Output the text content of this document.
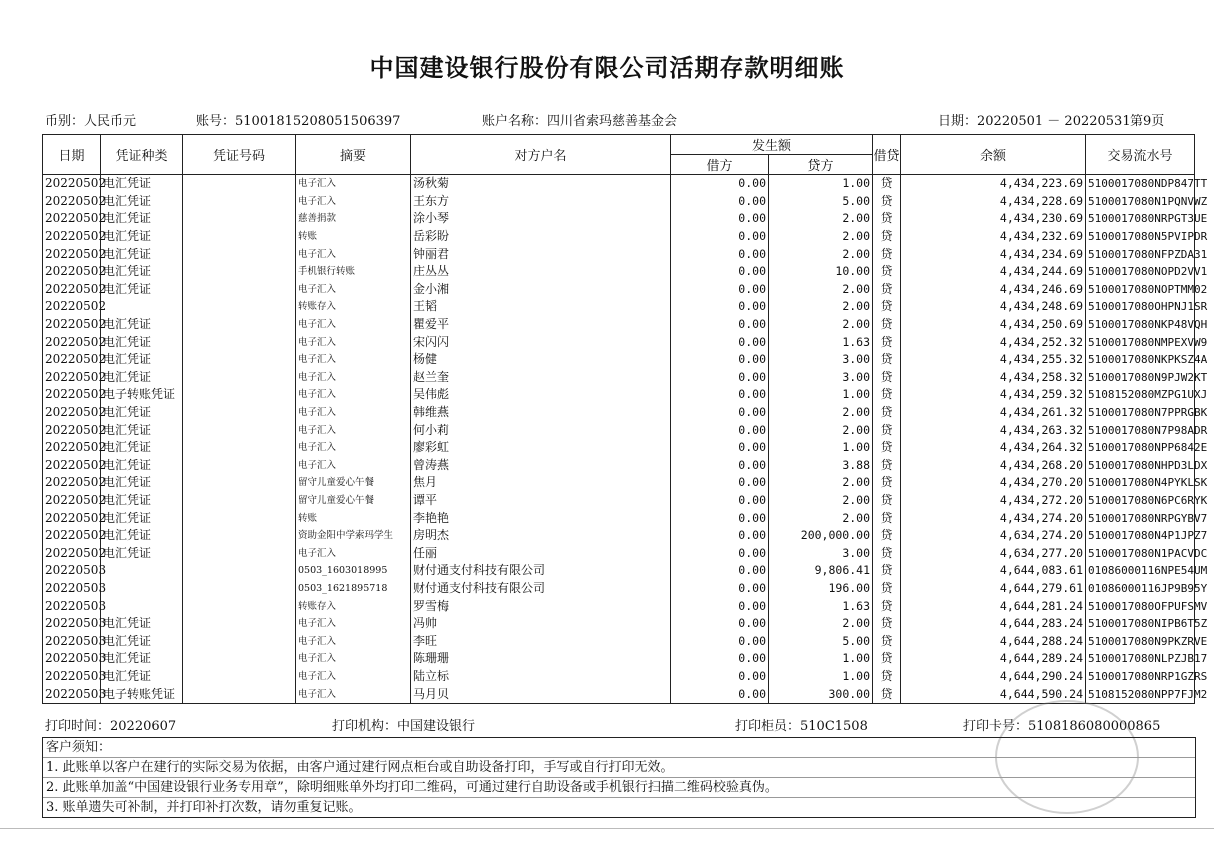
中国建设银行股份有限公司活期存款明细账
币别：人民币元	账号：510018152080515063​97	账户名称：四川省索玛慈善基金会	日期：20220501 － 20220531 第9页
日期	凭证种类	凭证号码	摘要	对方户名	发生额		借贷	余额	交易流水号
					借方	贷方			
20220502	电汇凭证		电子汇入	汤秋菊	0.00	1.00	贷	4,434,223.69	5100017080NDP847TT
20220502	电汇凭证		电子汇入	王东方	0.00	5.00	贷	4,434,228.69	5100017080N1PQNVWZ
20220502	电汇凭证		慈善捐款	涂小琴	0.00	2.00	贷	4,434,230.69	5100017080NRPGT3UE
20220502	电汇凭证		转账	岳彩盼	0.00	2.00	贷	4,434,232.69	5100017080N5PVIPDR
20220502	电汇凭证		电子汇入	钟丽君	0.00	2.00	贷	4,434,234.69	5100017080NFPZDA31
20220502	电汇凭证		手机银行转账	庄丛丛	0.00	10.00	贷	4,434,244.69	5100017080NOPD2VV1
20220502	电汇凭证		电子汇入	金小湘	0.00	2.00	贷	4,434,246.69	5100017080NOPTMM02
20220502			转账存入	王韬	0.00	2.00	贷	4,434,248.69	5100017080OHPNJ1SR
20220502	电汇凭证		电子汇入	瞿爱平	0.00	2.00	贷	4,434,250.69	5100017080NKP48VQH
20220502	电汇凭证		电子汇入	宋闪闪	0.00	1.63	贷	4,434,252.32	5100017080NMPEXVW9
20220502	电汇凭证		电子汇入	杨健	0.00	3.00	贷	4,434,255.32	5100017080NKPKSZ4A
20220502	电汇凭证		电子汇入	赵兰奎	0.00	3.00	贷	4,434,258.32	5100017080N9PJW2KT
20220502	电子转账凭证		电子汇入	吴伟彪	0.00	1.00	贷	4,434,259.32	5108152080MZPG1UXJ
20220502	电汇凭证		电子汇入	韩维燕	0.00	2.00	贷	4,434,261.32	5100017080N7PPRGBK
20220502	电汇凭证		电子汇入	何小莉	0.00	2.00	贷	4,434,263.32	5100017080N7P98ADR
20220502	电汇凭证		电子汇入	廖彩虹	0.00	1.00	贷	4,434,264.32	5100017080NPP6842E
20220502	电汇凭证		电子汇入	曾涛燕	0.00	3.88	贷	4,434,268.20	5100017080NHPD3LDX
20220502	电汇凭证		留守儿童爱心午餐	焦月	0.00	2.00	贷	4,434,270.20	5100017080N4PYKLSK
20220502	电汇凭证		留守儿童爱心午餐	谭平	0.00	2.00	贷	4,434,272.20	5100017080N6PC6RYK
20220502	电汇凭证		转账	李艳艳	0.00	2.00	贷	4,434,274.20	5100017080NRPGYBV7
20220502	电汇凭证		资助金阳中学索玛学生	房明杰	0.00	200,000.00	贷	4,634,274.20	5100017080N4P1JPZ7
20220502	电汇凭证		电子汇入	任丽	0.00	3.00	贷	4,634,277.20	5100017080N1PACVDC
20220503			0503_1603018995	财付通支付科技有限公司	0.00	9,806.41	贷	4,644,083.61	01086000116NPE54UM
20220503			0503_1621895718	财付通支付科技有限公司	0.00	196.00	贷	4,644,279.61	01086000116JP9B95Y
20220503			转账存入	罗雪梅	0.00	1.63	贷	4,644,281.24	5100017080OFPUFSMV
20220503	电汇凭证		电子汇入	冯帅	0.00	2.00	贷	4,644,283.24	5100017080NIPB6T5Z
20220503	电汇凭证		电子汇入	李旺	0.00	5.00	贷	4,644,288.24	5100017080N9PKZRVE
20220503	电汇凭证		电子汇入	陈珊珊	0.00	1.00	贷	4,644,289.24	5100017080NLPZJB17
20220503	电汇凭证		电子汇入	陆立标	0.00	1.00	贷	4,644,290.24	5100017080NRP1GZRS
20220503	电子转账凭证		电子汇入	马月贝	0.00	300.00	贷	4,644,590.24	5108152080NPP7FJM2
打印时间：20220607	打印机构：中国建设银行	打印柜员：510C1508	打印卡号：5108186080000865
客户须知：
1. 此账单以客户在建行的实际交易为依据，由客户通过建行网点柜台或自助设备打印，手写或自行打印无效。
2. 此账单加盖“中国建设银行业务专用章”，除明细账单外均打印二维码，可通过建行自助设备或手机银行扫描二维码校验真伪。
3. 账单遗失可补制，并打印补打次数，请勿重复记账。
